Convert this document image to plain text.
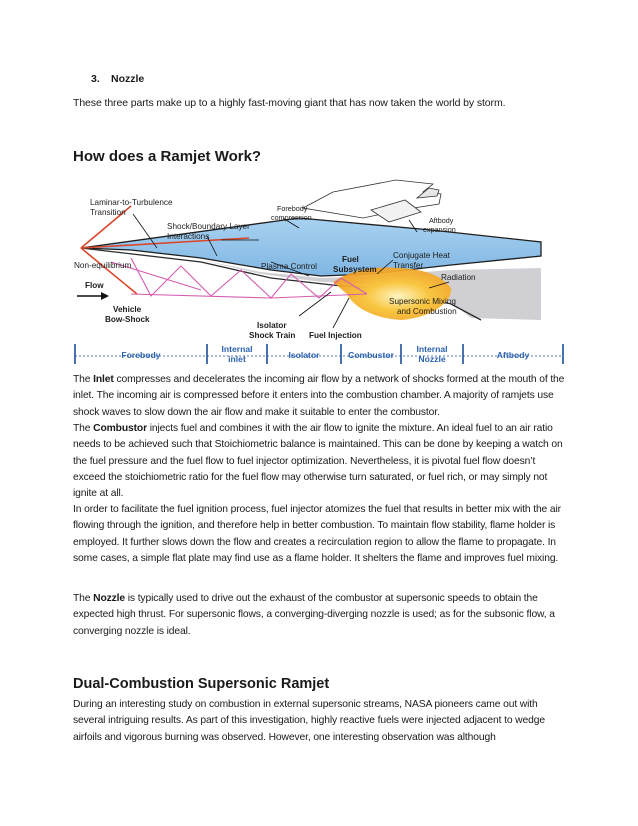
3. Nozzle
These three parts make up to a highly fast-moving giant that has now taken the world by storm.
How does a Ramjet Work?
Laminar-to-Turbulence
Transition
Shock/Boundary Layer
Interactions
Forebody
compression	Aftbody
expansion
Non-equilibrium
Flow
Vehicle
Bow-Shock
Plasma Control
Fuel
Subsystem
Conjugate Heat
Transfer
Radiation
Supersonic Mixing
and Combustion
Isolator
Shock Train Fuel Injection
Forebody
Internal inlet	Isolator	Combustor
Internal Nozzle	Aftbody

The Inlet compresses and decelerates the incoming air flow by a network of shocks formed at the mouth of the inlet. The incoming air is compressed before it enters into the combustion chamber. A majority of ramjets use shock waves to slow down the air flow and make it suitable to enter the combustor.

The Combustor injects fuel and combines it with the air flow to ignite the mixture. An ideal fuel to an air ratio needs to be achieved such that Stoichiometric balance is maintained. This can be done by keeping a watch on the fuel pressure and the fuel flow to fuel injector optimization. Nevertheless, it is pivotal fuel flow doesn’t exceed the stoichiometric ratio for the fuel flow may otherwise turn saturated, or fuel rich, or may simply not ignite at all.

In order to facilitate the fuel ignition process, fuel injector atomizes the fuel that results in better mix with the air flowing through the ignition, and therefore help in better combustion. To maintain flow stability, flame holder is employed. It further slows down the flow and creates a recirculation region to allow the flame to propagate. In some cases, a simple flat plate may find use as a flame holder. It shelters the flame and improves fuel mixing.

The Nozzle is typically used to drive out the exhaust of the combustor at supersonic speeds to obtain the expected high thrust. For supersonic flows, a converging-diverging nozzle is used; as for the subsonic flow, a converging nozzle is ideal.

Dual-Combustion Supersonic Ramjet

During an interesting study on combustion in external supersonic streams, NASA pioneers came out with several intriguing results. As part of this investigation, highly reactive fuels were injected adjacent to wedge airfoils and vigorous burning was observed. However, one interesting observation was although
